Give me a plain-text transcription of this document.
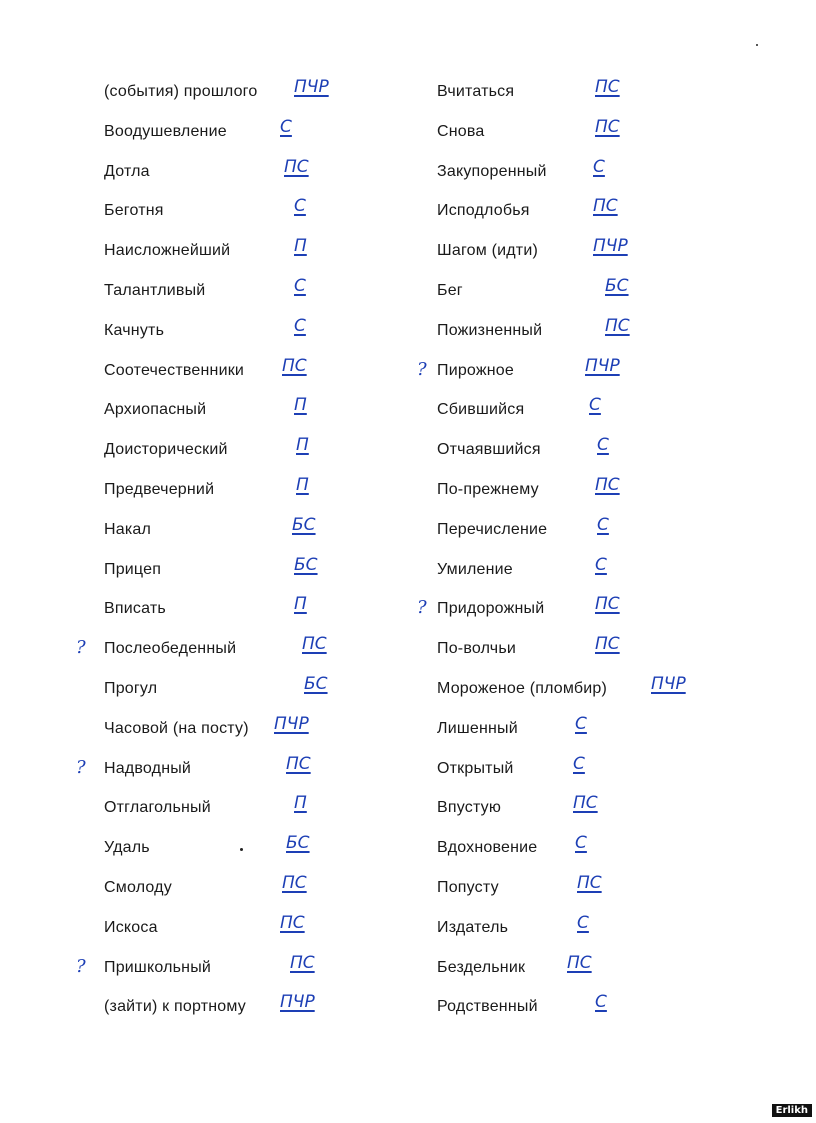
(события) прошлого ПЧР
Воодушевление	С
Дотла	ПС
Беготня	С
Наисложнейший	П
Талантливый	С
Качнуть	С
Соотечественники ПС
Архиопасный	П
Доисторический	П
Предвечерний	П
Накал	БС
Прицеп	БС
Вписать	П
Послеобеденный	ПС
?
Прогул	БС
Часовой (на посту) ПЧР
Надводный	ПС
?
Отглагольный	П
Удаль	БС
Смолоду	ПС
Искоса	ПС
Пришкольный	ПС
?
(зайти) к портному ПЧР
Вчитаться	ПС
Снова	ПС
Закупоренный	С
Исподлобья	ПС
Шагом (идти)	ПЧР
Бег	БС
Пожизненный	ПС
Пирожное	ПЧР
?
Сбившийся	С
Отчаявшийся	С
По-прежнему	ПС
Перечисление	С
Умиление	С
Придорожный	ПС
?
По-волчьи	ПС
Мороженое (пломбир)	ПЧР
Лишенный	С
Открытый	С
Впустую	ПС
Вдохновение С
Попусту	ПС
Издатель	С
Бездельник ПС
Родственный	С
Erlikh
